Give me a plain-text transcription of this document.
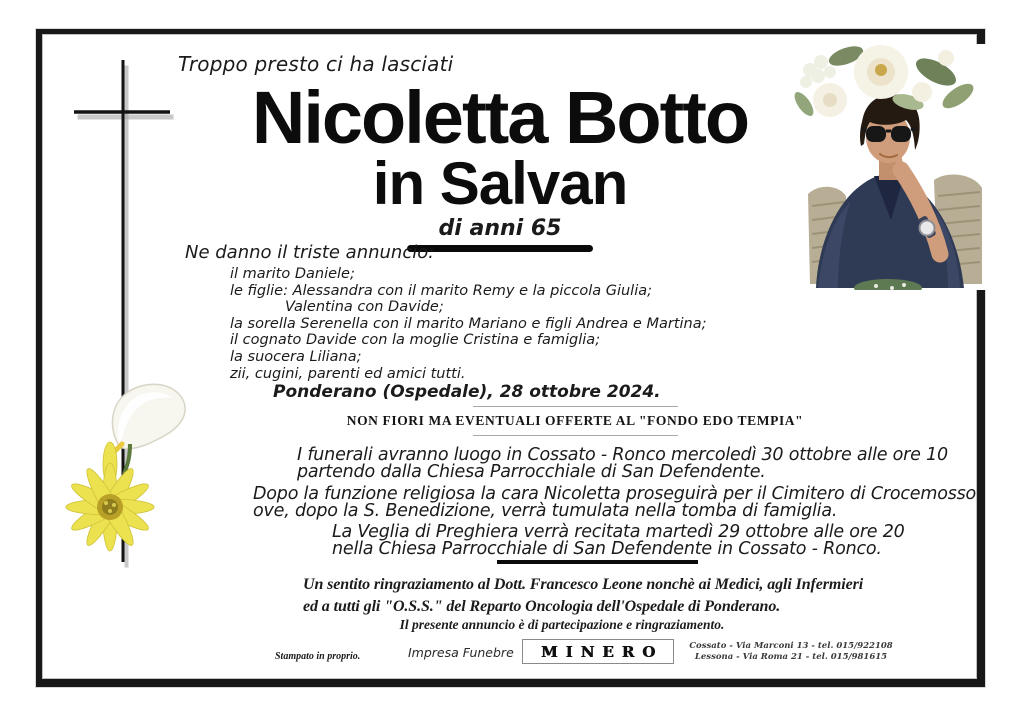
Troppo presto ci ha lasciati
Nicoletta Botto
in Salvan
di anni 65
Ne danno il triste annuncio:
il marito Daniele;
le figlie: Alessandra con il marito Remy e la piccola Giulia;
Valentina con Davide;
la sorella Serenella con il marito Mariano e figli Andrea e Martina;
il cognato Davide con la moglie Cristina e famiglia;
la suocera Liliana;
zii, cugini, parenti ed amici tutti.
Ponderano (Ospedale), 28 ottobre 2024.
NON FIORI MA EVENTUALI OFFERTE AL "FONDO EDO TEMPIA"
I funerali avranno luogo in Cossato - Ronco mercoledì 30 ottobre alle ore 10
partendo dalla Chiesa Parrocchiale di San Defendente.
Dopo la funzione religiosa la cara Nicoletta proseguirà per il Cimitero di Crocemosso
ove, dopo la S. Benedizione, verrà tumulata nella tomba di famiglia.
La Veglia di Preghiera verrà recitata martedì 29 ottobre alle ore 20
nella Chiesa Parrocchiale di San Defendente in Cossato - Ronco.
Un sentito ringraziamento al Dott. Francesco Leone nonchè ai Medici, agli Infermieri
ed a tutti gli "O.S.S." del Reparto Oncologia dell'Ospedale di Ponderano.
Il presente annuncio è di partecipazione e ringraziamento.
Stampato in proprio.	Impresa Funebre	MINERO	Cossato - Via Marconi 13 - tel. 015/922108
Lessona - Via Roma 21 - tel. 015/981615
